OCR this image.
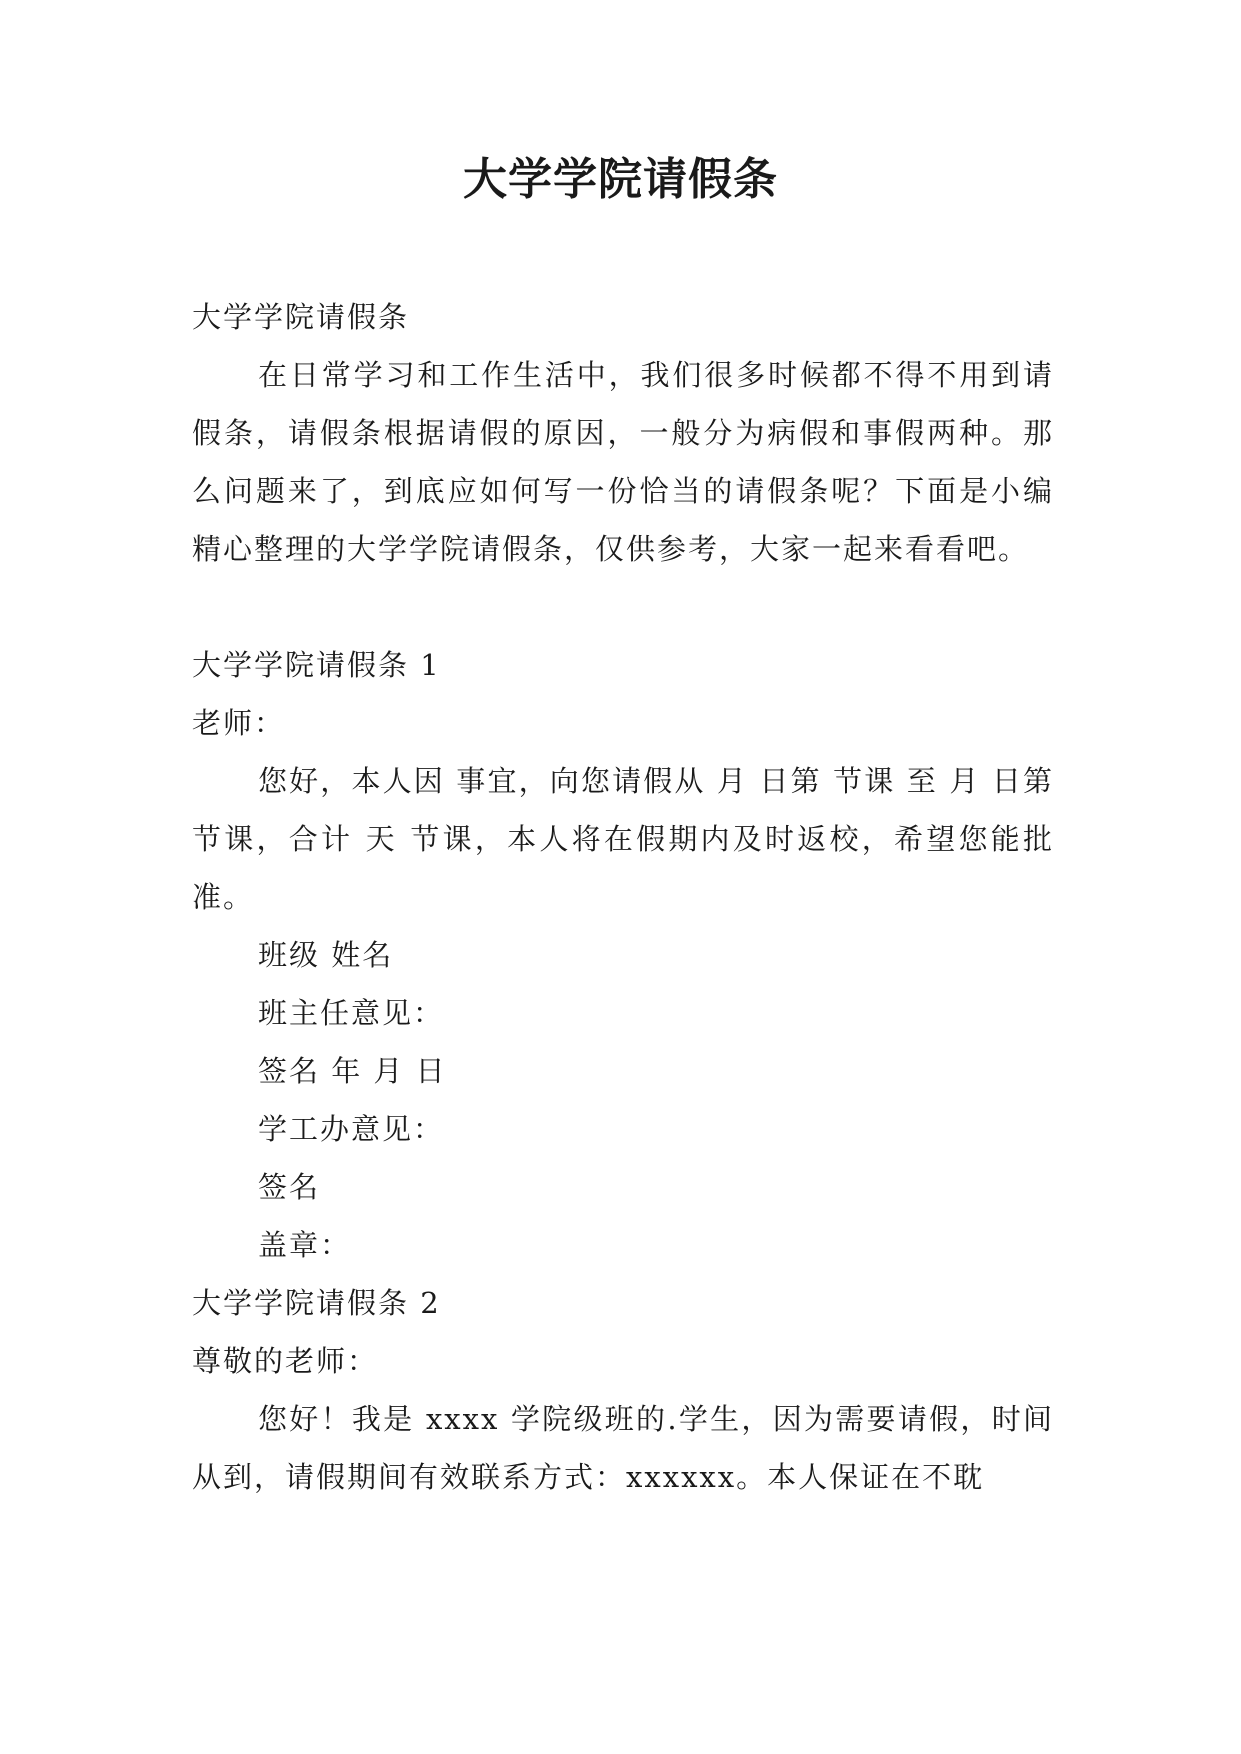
大学学院请假条

大学学院请假条

在日常学习和工作生活中，我们很多时候都不得不用到请假条，请假条根据请假的原因，一般分为病假和事假两种。那么问题来了，到底应如何写一份恰当的请假条呢？下面是小编精心整理的大学学院请假条，仅供参考，大家一起来看看吧。

大学学院请假条 1

老师：

您好，本人因 事宜，向您请假从 月 日第 节课 至 月 日第 节课，合计 天 节课，本人将在假期内及时返校，希望您能批准。

班级 姓名

班主任意见：

签名 年 月 日

学工办意见：

签名

盖章：

大学学院请假条 2

尊敬的老师：

您好！我是 xxxx 学院级班的.学生，因为需要请假，时间从到，请假期间有效联系方式：xxxxxx。本人保证在不耽
